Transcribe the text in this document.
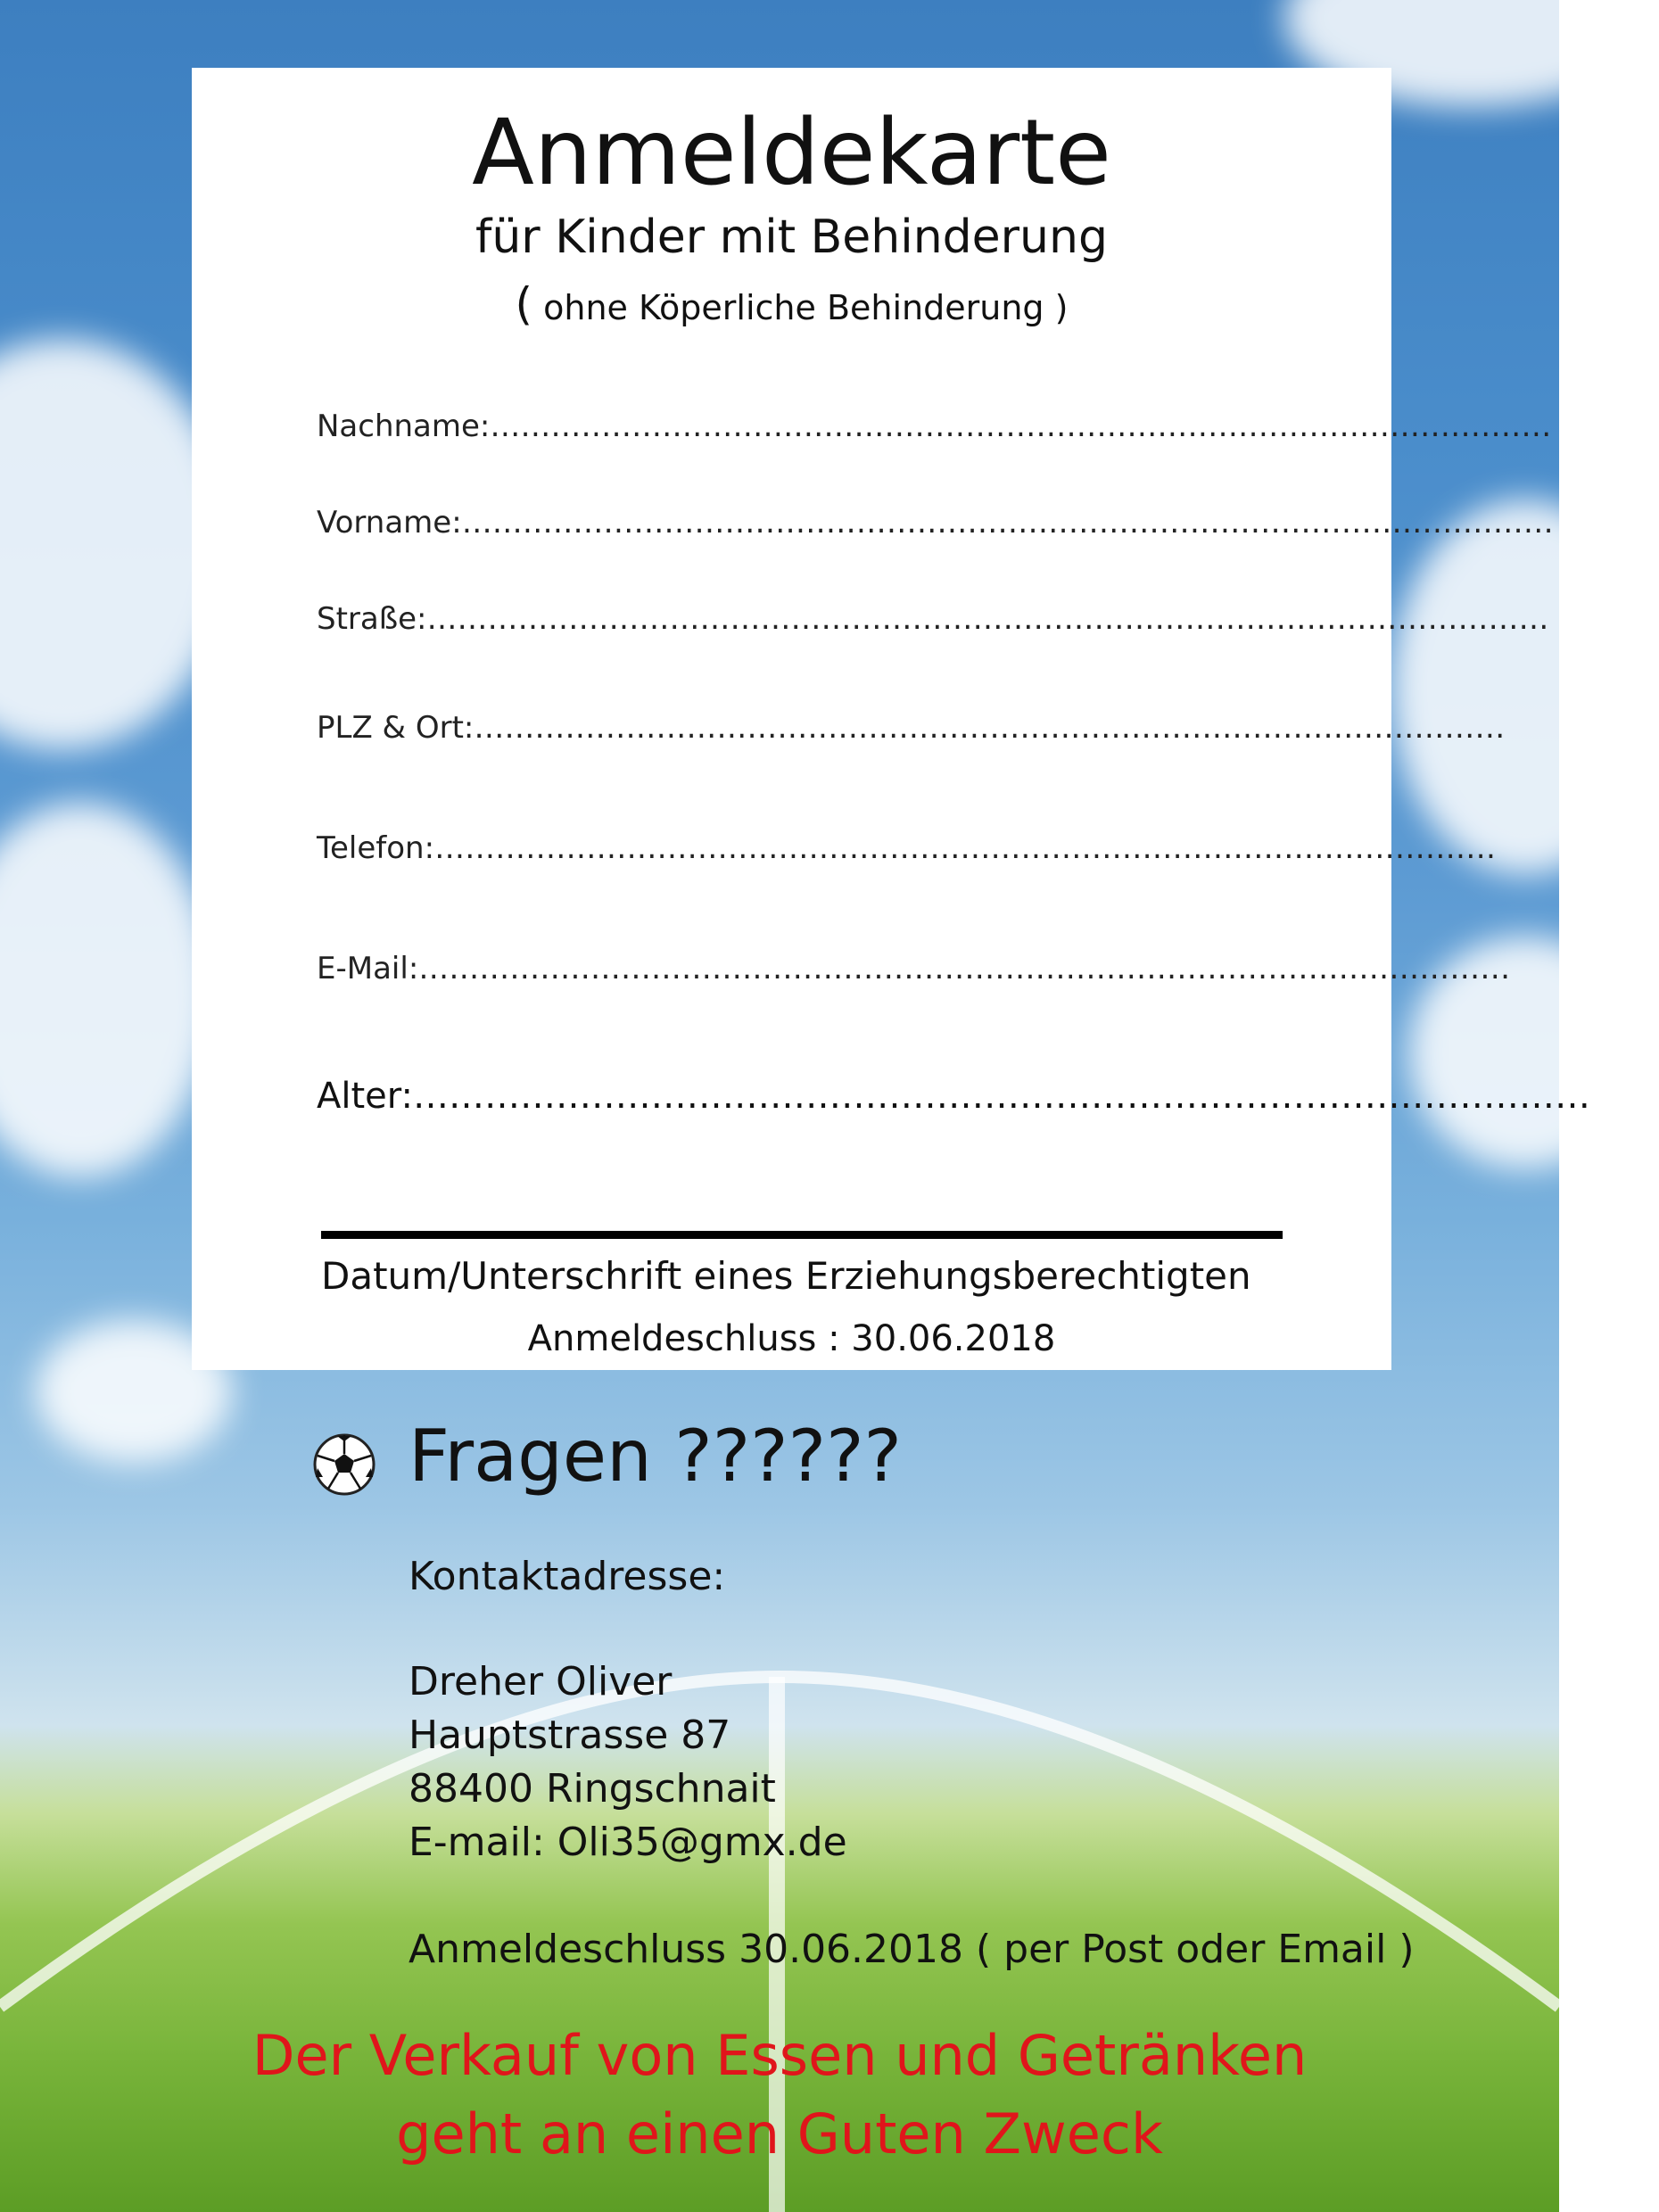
Anmeldekarte
für Kinder mit Behinderung
( ohne Köperliche Behinderung )
Nachname:……………………………………………………………………………………………
Vorname:………………………………………………………………………………………………
Straße:…………………………………………………………………………………………………
PLZ & Ort:…………………………………………………………………………………………
Telefon:……………………………………………………………………………………………
E-Mail:………………………………………………………………………………………………
Alter:………………………………………………………………………………………
Datum/Unterschrift eines Erziehungsberechtigten
Anmeldeschluss : 30.06.2018
Fragen ??????
Kontaktadresse:
Dreher Oliver
Hauptstrasse 87
88400 Ringschnait
E-mail: Oli35@gmx.de
Anmeldeschluss 30.06.2018 ( per Post oder Email )
Der Verkauf von Essen und Getränken
geht an einen Guten Zweck
